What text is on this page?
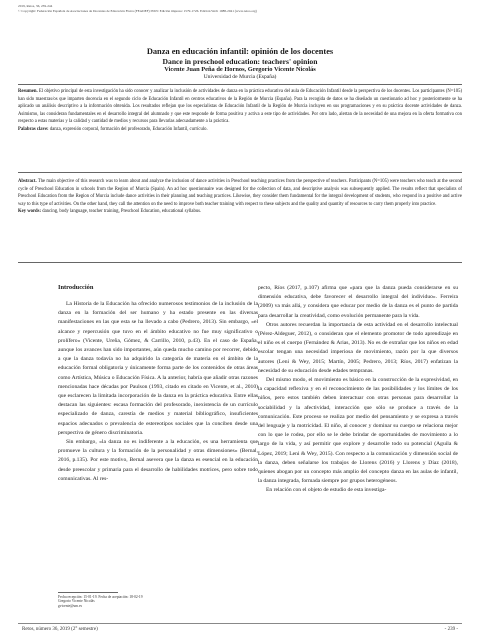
2019, Retos, 36, 239-244
© Copyright: Federación Española de Asociaciones de Docentes de Educación Física (FEADEF) ISSN: Edición impresa: 1579-1726. Edición Web: 1988-2041 (www.retos.org)
Danza en educación infantil: opinión de los docentes
Dance in preschool education: teachers' opinion
Vicente Juan Peña de Hornos, Gregorio Vicente Nicolás
Universidad de Murcia (España)
Resumen. El objetivo principal de esta investigación ha sido conocer y analizar la inclusión de actividades de danza en la práctica educativa del aula de Educación Infantil desde la perspectiva de los docentes. Los participantes (N=105) han sido maestras/os que imparten docencia en el segundo ciclo de Educación Infantil en centros educativos de la Región de Murcia (España). Para la recogida de datos se ha diseñado un cuestionario ad hoc y posteriormente se ha aplicado un análisis descriptivo a la información obtenida. Los resultados reflejan que los especialistas de Educación Infantil de la Región de Murcia incluyen en sus programaciones y en su práctica docente actividades de danza. Asimismo, las consideran fundamentales en el desarrollo integral del alumnado y que este responde de forma positiva y activa a este tipo de actividades. Por otro lado, alertan de la necesidad de una mejora en la oferta formativa con respecto a estas materias y la calidad y cantidad de medios y recursos para llevarlas adecuadamente a la práctica.
Palabras clave: danza, expresión corporal, formación del profesorado, Educación Infantil, currículo.
Abstract. The main objective of this research was to learn about and analyze the inclusion of dance activities in Preschool teaching practices from the perspective of teachers. Participants (N=105) were teachers who teach at the second cycle of Preschool Education in schools from the Region of Murcia (Spain). An ad hoc questionnaire was designed for the collection of data, and descriptive analysis was subsequently applied. The results reflect that specialists of Preschool Education from the Region of Murcia include dance activities in their planning and teaching practices. Likewise, they consider them fundamental for the integral development of students, who respond in a positive and active way to this type of activities. On the other hand, they call the attention on the need to improve both teacher training with respect to these subjects and the quality and quantity of resources to carry them properly into practice.
Key words: dancing, body language, teacher training, Preschool Education, educational syllabus.
Introducción

La Historia de la Educación ha ofrecido numerosos testimonios de la inclusión de la danza en la formación del ser humano y ha estado presente en las diversas manifestaciones en las que esta se ha llevado a cabo (Pedrero, 2013). Sin embargo, «el alcance y repercusión que tuvo en el ámbito educativo no fue muy significativo o prolífero» (Vicente, Ureña, Gómez, & Carrillo, 2010, p.43). En el caso de España, aunque los avances han sido importantes, aún queda mucho camino por recorrer, debido a que la danza todavía no ha adquirido la categoría de materia en el ámbito de la educación formal obligatoria y únicamente forma parte de los contenidos de otras áreas como Artística, Música o Educación Física. A la anterior, habría que añadir otras razones mencionadas hace décadas por Paulson (1993, citado en citado en Vicente, et al., 2010) que esclarecen la limitada incorporación de la danza en la práctica educativa. Entre ellas destacan las siguientes: escasa formación del profesorado, inexistencia de un currículo especializado de danza, carestía de medios y material bibliográfico, insuficientes espacios adecuados o prevalencia de estereotipos sociales que la conciben desde una perspectiva de género discriminatoria.

Sin embargo, «la danza no es indiferente a la educación, es una herramienta que promueve la cultura y la formación de la personalidad y otras dimensiones» (Bernal, 2016, p.135). Por este motivo, Bernal asevera que la danza es esencial en la educación desde preescolar y primaria para el desarrollo de habilidades motrices, pero sobre todo comunicativas. Al res-

pecto, Ríos (2017, p.107) afirma que «para que la danza pueda considerarse en su dimensión educativa, debe favorecer el desarrollo integral del individuo». Ferreira (2009) va más allá, y considera que educar por medio de la danza es el punto de partida para desarrollar la creatividad, como evolución permanente para la vida.

Otros autores recuerdan la importancia de esta actividad en el desarrollo intelectual (Pérez-Aldeguer, 2012), o consideran que el elemento promotor de todo aprendizaje en el niño es el cuerpo (Fernández & Arias, 2013). No es de extrañar que los niños en edad escolar tengan una necesidad imperiosa de movimiento, razón por la que diversos autores (Leni & Wey, 2015; Martín, 2005; Pedrero, 2013; Ríos, 2017) enfatizan la necesidad de su educación desde edades tempranas.

Del mismo modo, el movimiento es básico en la construcción de la expresividad, en la capacidad reflexiva y en el reconocimiento de las posibilidades y los límites de los niños, pero estos también deben interactuar con otras personas para desarrollar la sociabilidad y la afectividad, interacción que sólo se produce a través de la comunicación. Este proceso se realiza por medio del pensamiento y se expresa a través del lenguaje y la motricidad. El niño, al conocer y dominar su cuerpo se relaciona mejor con lo que le rodea, por ello se le debe brindar de oportunidades de movimiento a lo largo de la vida, y así permitir que explore y desarrolle todo su potencial (Aguila & López, 2019; Leni & Wey, 2015). Con respecto a la comunicación y dimensión social de la danza, deben señalarse los trabajos de Llorens (2016) y Llorens y Díaz (2018), quienes abogan por un concepto más amplio del concepto danza en las aulas de infantil, la danza integrada, formada siempre por grupos heterogéneos.

En relación con el objeto de estudio de esta investiga-

Fecha recepción: 15-01-19. Fecha de aceptación: 18-02-19
Gregorio Vicente Nicolás
gvicente@um.es
Retos, número 36, 2019 (2° semestre)	- 239 -
